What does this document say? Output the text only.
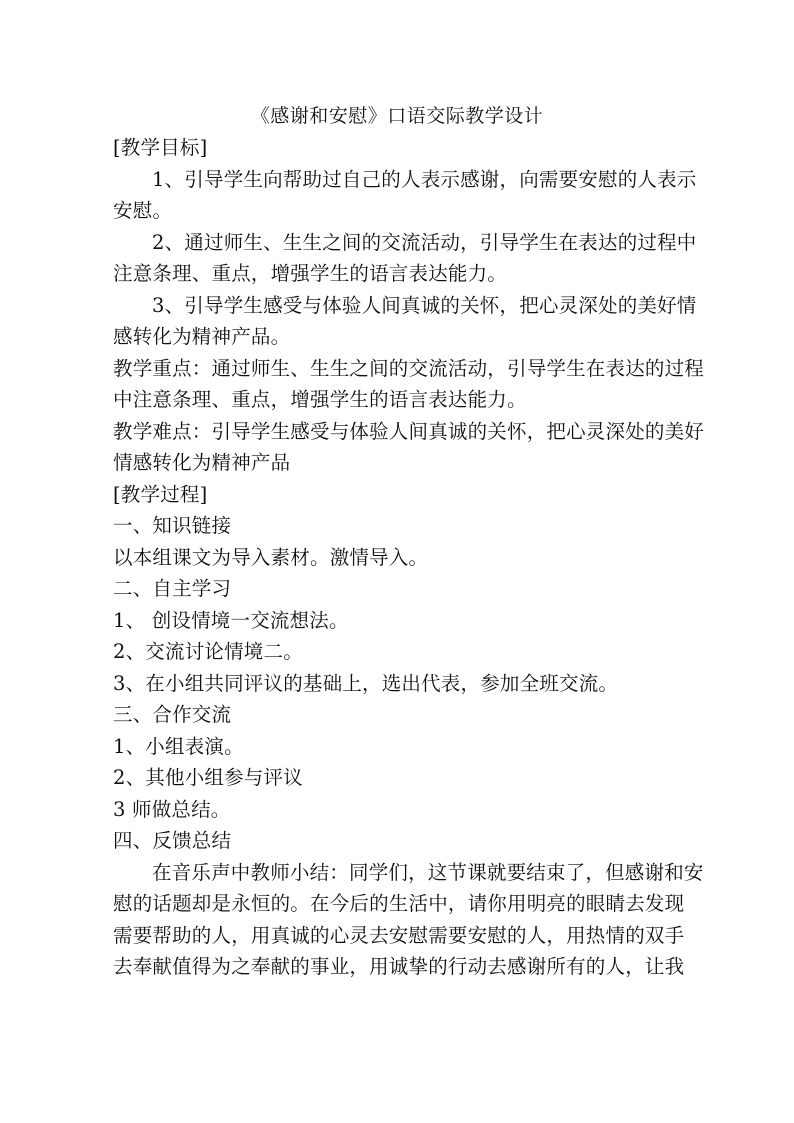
《感谢和安慰》口语交际教学设计

[教学目标]

1、引导学生向帮助过自己的人表示感谢，向需要安慰的人表示

安慰。

2、通过师生、生生之间的交流活动，引导学生在表达的过程中

注意条理、重点，增强学生的语言表达能力。

3、引导学生感受与体验人间真诚的关怀，把心灵深处的美好情

感转化为精神产品。

教学重点：通过师生、生生之间的交流活动，引导学生在表达的过程

中注意条理、重点，增强学生的语言表达能力。

教学难点：引导学生感受与体验人间真诚的关怀，把心灵深处的美好

情感转化为精神产品

[教学过程]

一、知识链接

以本组课文为导入素材。激情导入。

二、自主学习

1、 创设情境一交流想法。

2、交流讨论情境二。

3、在小组共同评议的基础上，选出代表，参加全班交流。

三、合作交流

1、小组表演。

2、其他小组参与评议

3 师做总结。

四、反馈总结

在音乐声中教师小结：同学们，这节课就要结束了，但感谢和安

慰的话题却是永恒的。在今后的生活中，请你用明亮的眼睛去发现

需要帮助的人，用真诚的心灵去安慰需要安慰的人，用热情的双手

去奉献值得为之奉献的事业，用诚挚的行动去感谢所有的人，让我
